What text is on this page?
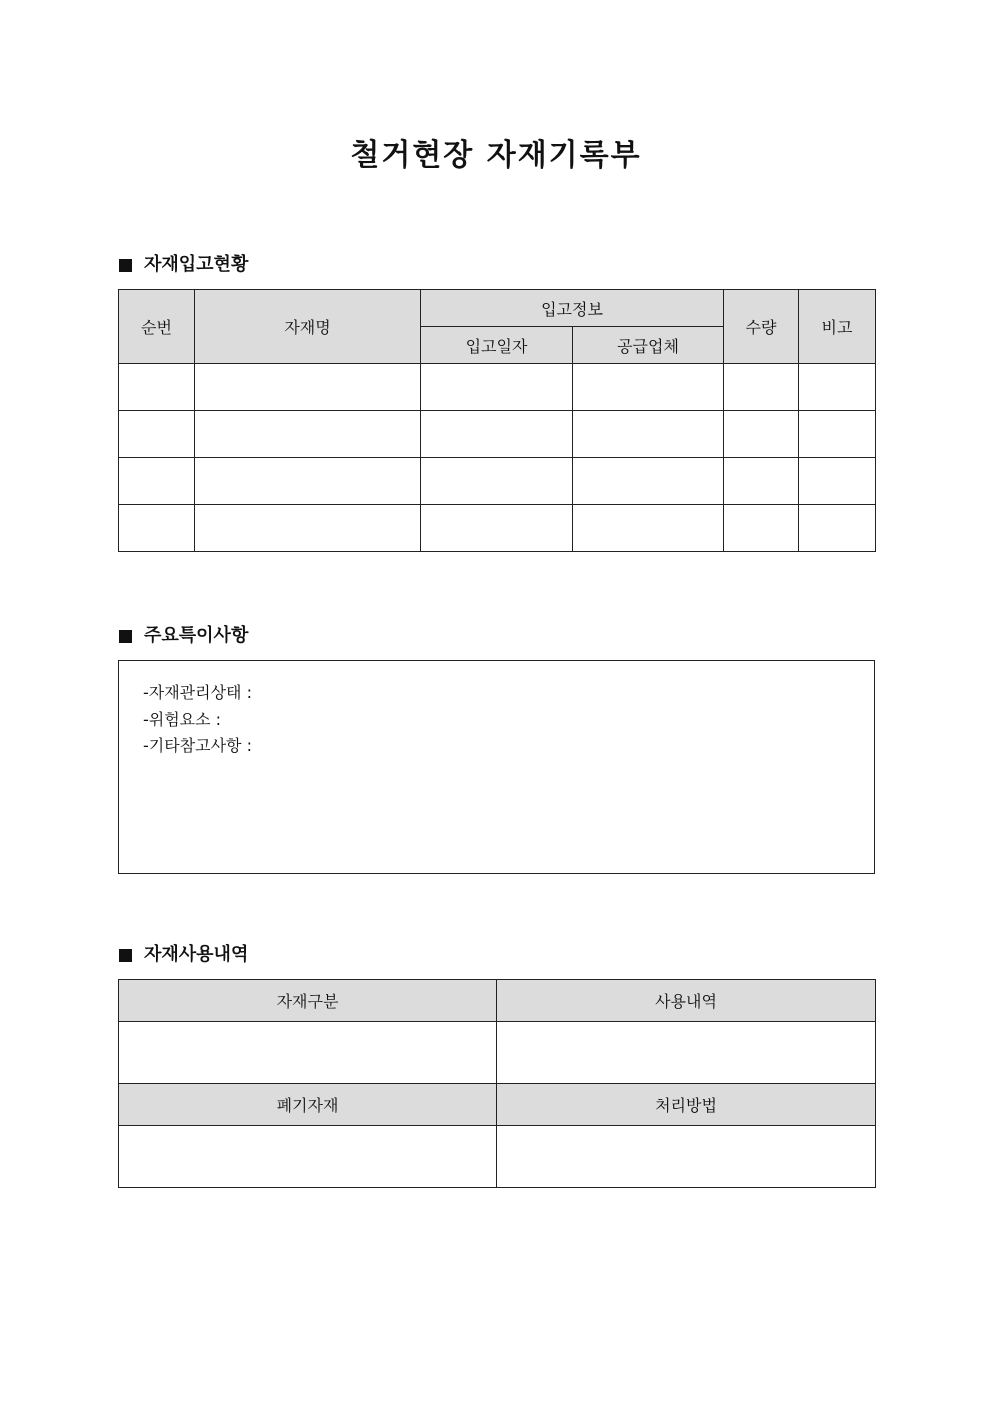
철거현장 자재기록부
자재입고현황
순번	자재명	입고정보		수량	비고
		입고일자	공급업체		

주요특이사항
-자재관리상태 :
-위험요소 :
-기타참고사항 :
자재사용내역
자재구분	사용내역

폐기자재	처리방법
